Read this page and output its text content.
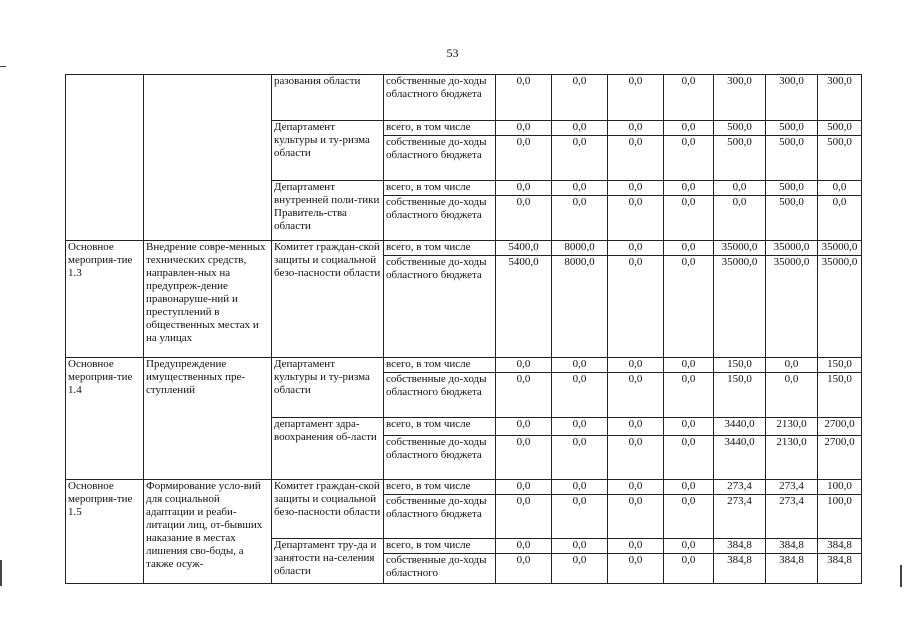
53
		разования области	собственные до-ходы областного бюджета	0,0	0,0	0,0	0,0	300,0	300,0	300,0
		Департамент культуры и ту-ризма области	всего, в том числе	0,0	0,0	0,0	0,0	500,0	500,0	500,0
			собственные до-ходы областного бюджета	0,0	0,0	0,0	0,0	500,0	500,0	500,0
		Департамент внутренней поли-тики Правитель-ства области	всего, в том числе	0,0	0,0	0,0	0,0	0,0	500,0	0,0
			собственные до-ходы областного бюджета	0,0	0,0	0,0	0,0	0,0	500,0	0,0
Основное мероприя-тие 1.3	Внедрение совре-менных технических средств, направлен-ных на предупреж-дение правонаруше-ний и преступлений в общественных местах и на улицах	Комитет граждан-ской защиты и социальной безо-пасности области	всего, в том числе	5400,0	8000,0	0,0	0,0	35000,0	35000,0	35000,0
			собственные до-ходы областного бюджета	5400,0	8000,0	0,0	0,0	35000,0	35000,0	35000,0
Основное мероприя-тие 1.4	Предупреждение имущественных пре-ступлений	Департамент культуры и ту-ризма области	всего, в том числе	0,0	0,0	0,0	0,0	150,0	0,0	150,0
			собственные до-ходы областного бюджета	0,0	0,0	0,0	0,0	150,0	0,0	150,0
		департамент здра-воохранения об-ласти	всего, в том числе	0,0	0,0	0,0	0,0	3440,0	2130,0	2700,0
			собственные до-ходы областного бюджета	0,0	0,0	0,0	0,0	3440,0	2130,0	2700,0
Основное мероприя-тие 1.5	Формирование усло-вий для социальной адаптации и реаби-литации лиц, от-бывших наказание в местах лишения сво-боды, а также осуж-	Комитет граждан-ской защиты и социальной безо-пасности области	всего, в том числе	0,0	0,0	0,0	0,0	273,4	273,4	100,0
			собственные до-ходы областного бюджета	0,0	0,0	0,0	0,0	273,4	273,4	100,0
		Департамент тру-да и занятости на-селения области	всего, в том числе	0,0	0,0	0,0	0,0	384,8	384,8	384,8
			собственные до-ходы областного	0,0	0,0	0,0	0,0	384,8	384,8	384,8
